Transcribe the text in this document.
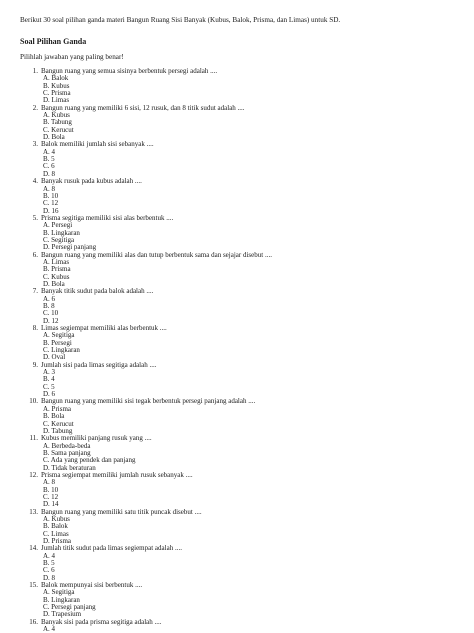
Berikut 30 soal pilihan ganda materi Bangun Ruang Sisi Banyak (Kubus, Balok, Prisma, dan Limas) untuk SD.

Soal Pilihan Ganda

Pilihlah jawaban yang paling benar!

1. Bangun ruang yang semua sisinya berbentuk persegi adalah ....
A. Balok
B. Kubus
C. Prisma
D. Limas
2. Bangun ruang yang memiliki 6 sisi, 12 rusuk, dan 8 titik sudut adalah ....
A. Kubus
B. Tabung
C. Kerucut
D. Bola
3. Balok memiliki jumlah sisi sebanyak ....
A. 4
B. 5
C. 6
D. 8
4. Banyak rusuk pada kubus adalah ....
A. 8
B. 10
C. 12
D. 16
5. Prisma segitiga memiliki sisi alas berbentuk ....
A. Persegi
B. Lingkaran
C. Segitiga
D. Persegi panjang
6. Bangun ruang yang memiliki alas dan tutup berbentuk sama dan sejajar disebut ....
A. Limas
B. Prisma
C. Kubus
D. Bola
7. Banyak titik sudut pada balok adalah ....
A. 6
B. 8
C. 10
D. 12
8. Limas segiempat memiliki alas berbentuk ....
A. Segitiga
B. Persegi
C. Lingkaran
D. Oval
9. Jumlah sisi pada limas segitiga adalah ....
A. 3
B. 4
C. 5
D. 6
10. Bangun ruang yang memiliki sisi tegak berbentuk persegi panjang adalah ....
A. Prisma
B. Bola
C. Kerucut
D. Tabung
11. Kubus memiliki panjang rusuk yang ....
A. Berbeda-beda
B. Sama panjang
C. Ada yang pendek dan panjang
D. Tidak beraturan
12. Prisma segiempat memiliki jumlah rusuk sebanyak ....
A. 8
B. 10
C. 12
D. 14
13. Bangun ruang yang memiliki satu titik puncak disebut ....
A. Kubus
B. Balok
C. Limas
D. Prisma
14. Jumlah titik sudut pada limas segiempat adalah ....
A. 4
B. 5
C. 6
D. 8
15. Balok mempunyai sisi berbentuk ....
A. Segitiga
B. Lingkaran
C. Persegi panjang
D. Trapesium
16. Banyak sisi pada prisma segitiga adalah ....
A. 4
